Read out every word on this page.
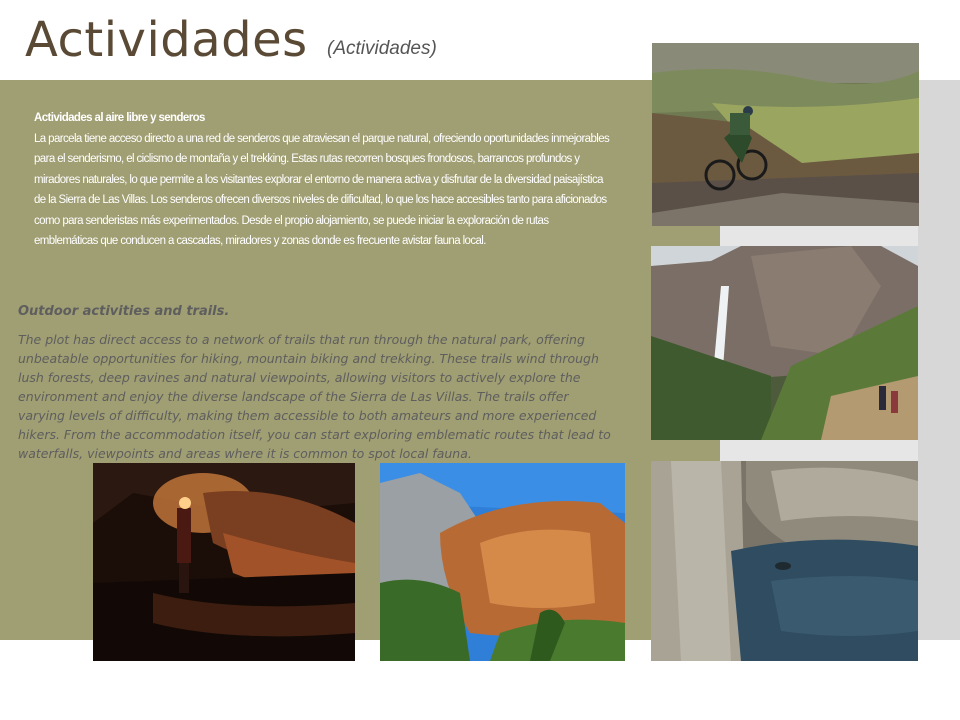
Actividades (Actividades)
Actividades al aire libre y senderos
La parcela tiene acceso directo a una red de senderos que atraviesan el parque natural, ofreciendo oportunidades inmejorables para el senderismo, el ciclismo de montaña y el trekking. Estas rutas recorren bosques frondosos, barrancos profundos y miradores naturales, lo que permite a los visitantes explorar el entorno de manera activa y disfrutar de la diversidad paisajística de la Sierra de Las Villas. Los senderos ofrecen diversos niveles de dificultad, lo que los hace accesibles tanto para aficionados como para senderistas más experimentados. Desde el propio alojamiento, se puede iniciar la exploración de rutas emblemáticas que conducen a cascadas, miradores y zonas donde es frecuente avistar fauna local.
Outdoor activities and trails.
The plot has direct access to a network of trails that run through the natural park, offering unbeatable opportunities for hiking, mountain biking and trekking. These trails wind through lush forests, deep ravines and natural viewpoints, allowing visitors to actively explore the environment and enjoy the diverse landscape of the Sierra de Las Villas. The trails offer varying levels of difficulty, making them accessible to both amateurs and more experienced hikers. From the accommodation itself, you can start exploring emblematic routes that lead to waterfalls, viewpoints and areas where it is common to spot local fauna.
